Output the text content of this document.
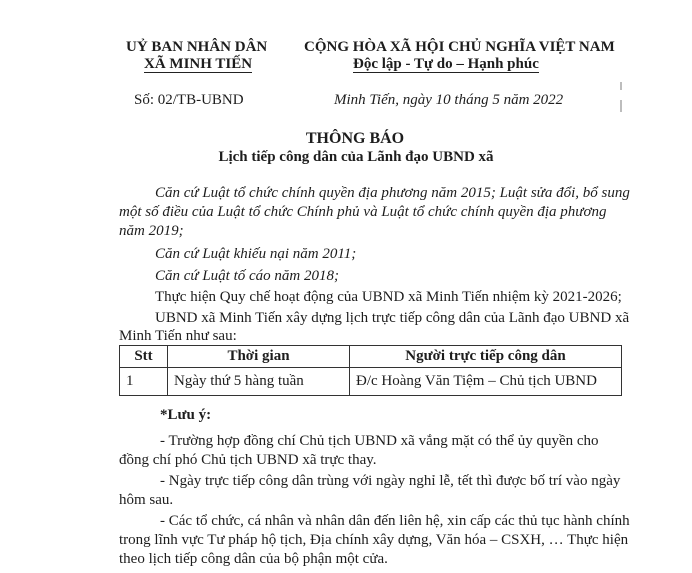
UỶ BAN NHÂN DÂN
XÃ MINH TIẾN
CỘNG HÒA XÃ HỘI CHỦ NGHĨA VIỆT NAM
Độc lập - Tự do – Hạnh phúc
Số: 02/TB-UBND	Minh Tiến, ngày 10 tháng 5 năm 2022
THÔNG BÁO
Lịch tiếp công dân của Lãnh đạo UBND xã
Căn cứ Luật tổ chức chính quyền địa phương năm 2015; Luật sửa đổi, bổ sung
một số điều của Luật tổ chức Chính phủ và Luật tổ chức chính quyền địa phương
năm 2019;
Căn cứ Luật khiếu nại năm 2011;
Căn cứ Luật tố cáo năm 2018;
Thực hiện Quy chế hoạt động của UBND xã Minh Tiến nhiệm kỳ 2021-2026;
UBND xã Minh Tiến xây dựng lịch trực tiếp công dân của Lãnh đạo UBND xã
Minh Tiến như sau:
Stt	Thời gian	Người trực tiếp công dân
1	Ngày thứ 5 hàng tuần	Đ/c Hoàng Văn Tiệm – Chủ tịch UBND
*Lưu ý:
- Trường hợp đồng chí Chủ tịch UBND xã vắng mặt có thể ủy quyền cho
đồng chí phó Chủ tịch UBND xã trực thay.
- Ngày trực tiếp công dân trùng với ngày nghỉ lễ, tết thì được bố trí vào ngày
hôm sau.
- Các tổ chức, cá nhân và nhân dân đến liên hệ, xin cấp các thủ tục hành chính
trong lĩnh vực Tư pháp hộ tịch, Địa chính xây dựng, Văn hóa – CSXH, … Thực hiện
theo lịch tiếp công dân của bộ phận một cửa.
